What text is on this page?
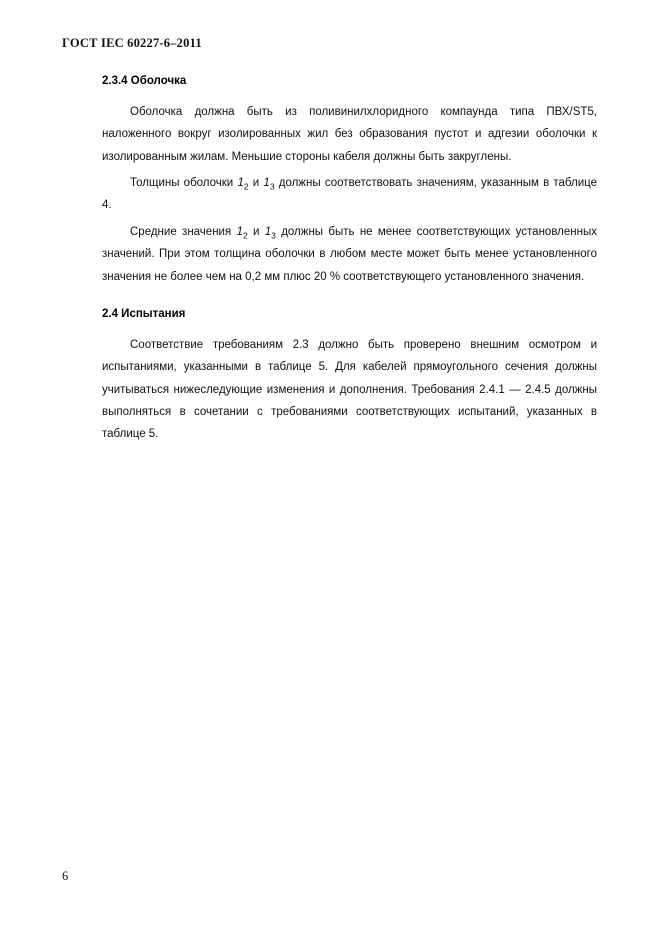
ГОСТ IEC 60227-6–2011
2.3.4 Оболочка

Оболочка должна быть из поливинилхлоридного компаунда типа ПВХ/ST5, наложенного вокруг изолированных жил без образования пустот и адгезии оболочки к изолированным жилам. Меньшие стороны кабеля должны быть закруглены.

Толщины оболочки $1_2$ и $1_3$ должны соответствовать значениям, указанным в таблице 4.

Средние значения $1_2$ и $1_3$ должны быть не менее соответствующих установленных значений. При этом толщина оболочки в любом месте может быть менее установленного значения не более чем на 0,2 мм плюс 20 % соответствующего установленного значения.

2.4 Испытания

Соответствие требованиям 2.3 должно быть проверено внешним осмотром и испытаниями, указанными в таблице 5. Для кабелей прямоугольного сечения должны учитываться нижеследующие изменения и дополнения. Требования 2.4.1 — 2.4.5 должны выполняться в сочетании с требованиями соответствующих испытаний, указанных в таблице 5.

6
